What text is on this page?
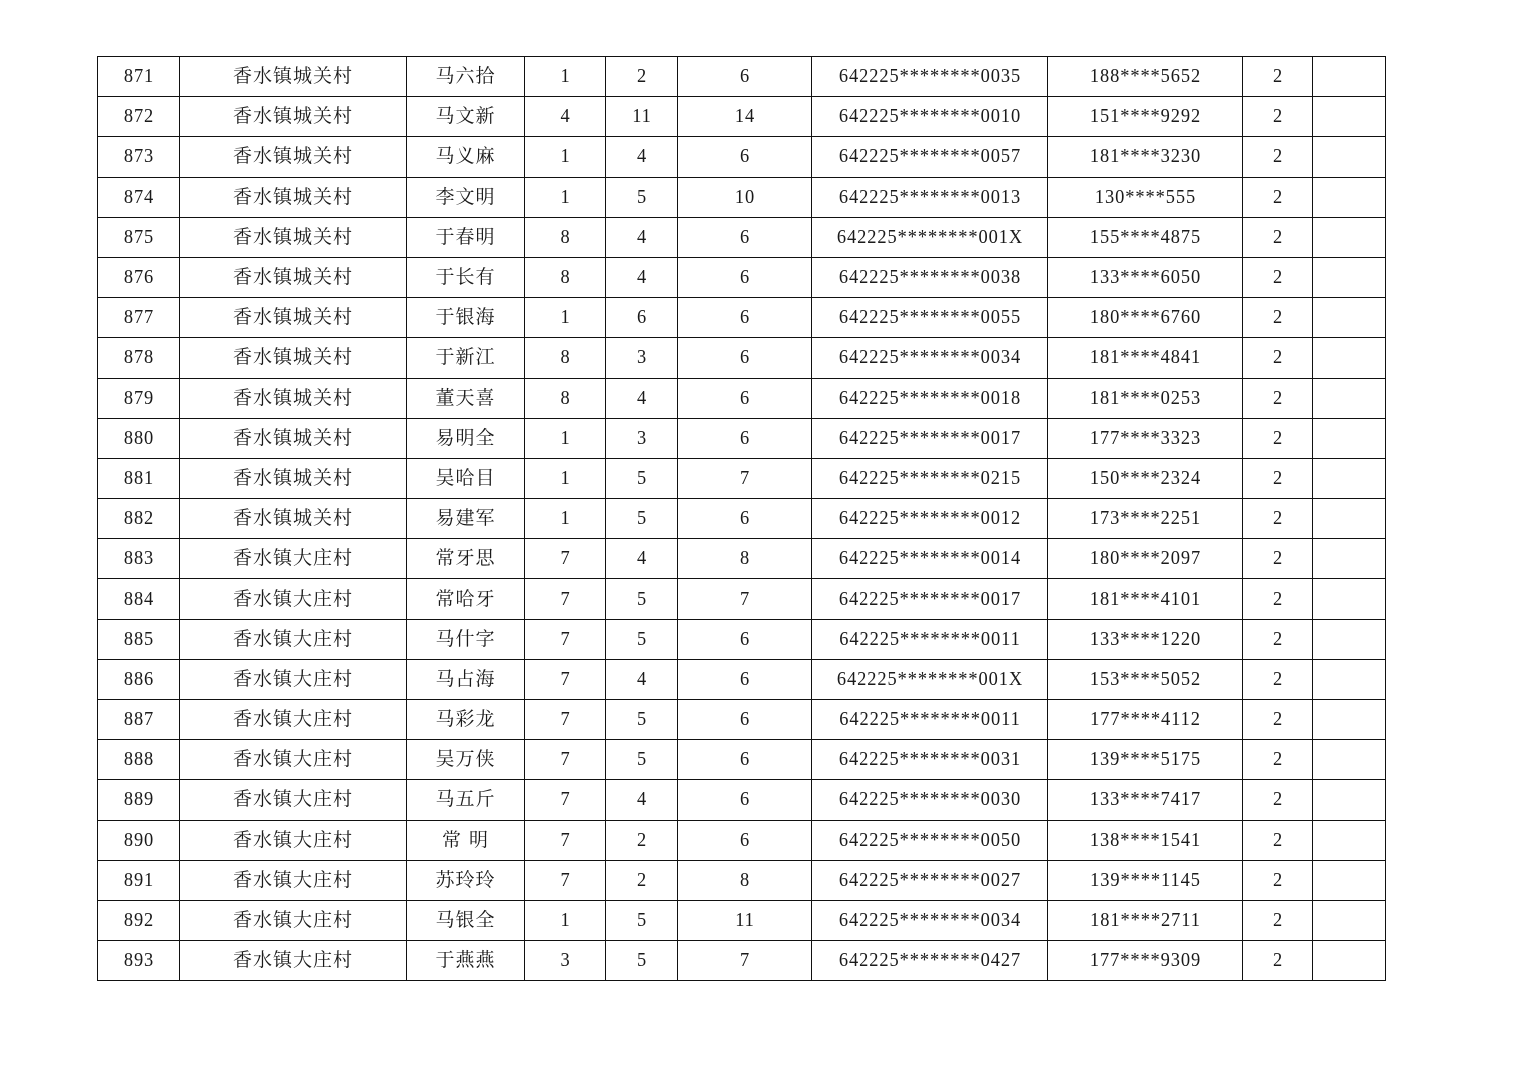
871	香水镇城关村	马六拾	1	2	6	642225********0035	188****5652	2	
872	香水镇城关村	马文新	4	11	14	642225********0010	151****9292	2	
873	香水镇城关村	马义麻	1	4	6	642225********0057	181****3230	2	
874	香水镇城关村	李文明	1	5	10	642225********0013	130****555	2	
875	香水镇城关村	于春明	8	4	6	642225********001X	155****4875	2	
876	香水镇城关村	于长有	8	4	6	642225********0038	133****6050	2	
877	香水镇城关村	于银海	1	6	6	642225********0055	180****6760	2	
878	香水镇城关村	于新江	8	3	6	642225********0034	181****4841	2	
879	香水镇城关村	董天喜	8	4	6	642225********0018	181****0253	2	
880	香水镇城关村	易明全	1	3	6	642225********0017	177****3323	2	
881	香水镇城关村	吴哈目	1	5	7	642225********0215	150****2324	2	
882	香水镇城关村	易建军	1	5	6	642225********0012	173****2251	2	
883	香水镇大庄村	常牙思	7	4	8	642225********0014	180****2097	2	
884	香水镇大庄村	常哈牙	7	5	7	642225********0017	181****4101	2	
885	香水镇大庄村	马什字	7	5	6	642225********0011	133****1220	2	
886	香水镇大庄村	马占海	7	4	6	642225********001X	153****5052	2	
887	香水镇大庄村	马彩龙	7	5	6	642225********0011	177****4112	2	
888	香水镇大庄村	吴万侠	7	5	6	642225********0031	139****5175	2	
889	香水镇大庄村	马五斤	7	4	6	642225********0030	133****7417	2	
890	香水镇大庄村	常 明	7	2	6	642225********0050	138****1541	2	
891	香水镇大庄村	苏玲玲	7	2	8	642225********0027	139****1145	2	
892	香水镇大庄村	马银全	1	5	11	642225********0034	181****2711	2	
893	香水镇大庄村	于燕燕	3	5	7	642225********0427	177****9309	2	
